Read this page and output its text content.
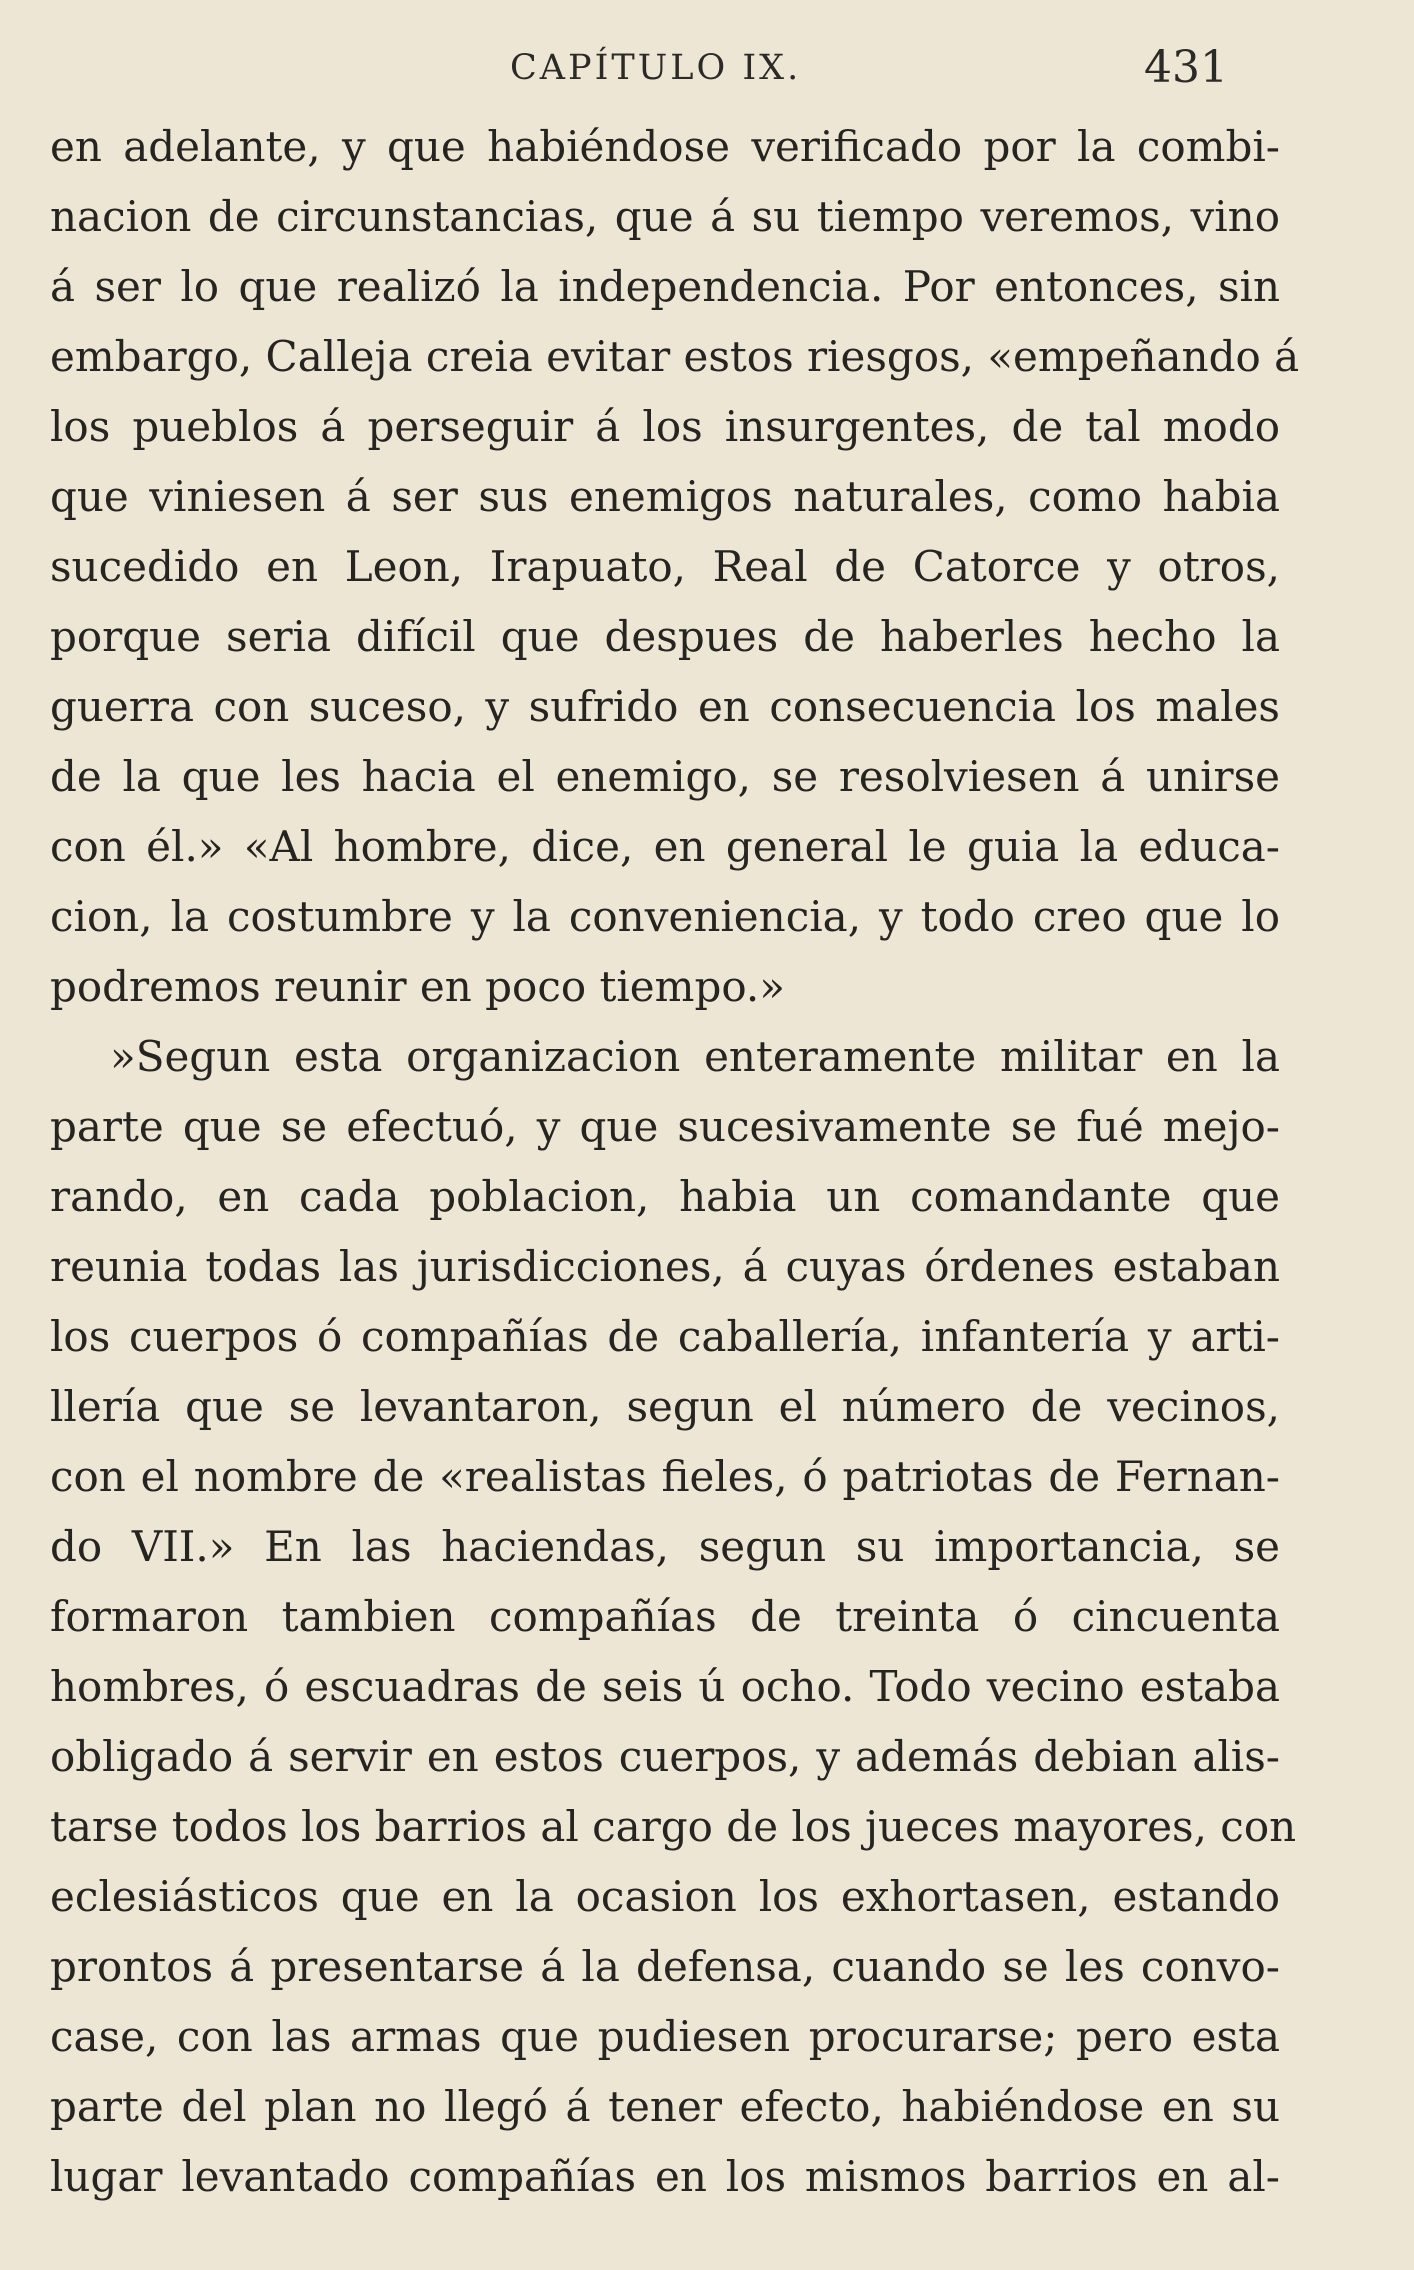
CAPÍTULO IX.	431
en adelante, y que habiéndose verificado por la combi-
nacion de circunstancias, que á su tiempo veremos, vino
á ser lo que realizó la independencia. Por entonces, sin
embargo, Calleja creia evitar estos riesgos, «empeñando á
los pueblos á perseguir á los insurgentes, de tal modo
que viniesen á ser sus enemigos naturales, como habia
sucedido en Leon, Irapuato, Real de Catorce y otros,
porque seria difícil que despues de haberles hecho la
guerra con suceso, y sufrido en consecuencia los males
de la que les hacia el enemigo, se resolviesen á unirse
con él.» «Al hombre, dice, en general le guia la educa-
cion, la costumbre y la conveniencia, y todo creo que lo
podremos reunir en poco tiempo.»
»Segun esta organizacion enteramente militar en la
parte que se efectuó, y que sucesivamente se fué mejo-
rando, en cada poblacion, habia un comandante que
reunia todas las jurisdicciones, á cuyas órdenes estaban
los cuerpos ó compañías de caballería, infantería y arti-
llería que se levantaron, segun el número de vecinos,
con el nombre de «realistas fieles, ó patriotas de Fernan-
do VII.» En las haciendas, segun su importancia, se
formaron tambien compañías de treinta ó cincuenta
hombres, ó escuadras de seis ú ocho. Todo vecino estaba
obligado á servir en estos cuerpos, y además debian alis-
tarse todos los barrios al cargo de los jueces mayores, con
eclesiásticos que en la ocasion los exhortasen, estando
prontos á presentarse á la defensa, cuando se les convo-
case, con las armas que pudiesen procurarse; pero esta
parte del plan no llegó á tener efecto, habiéndose en su
lugar levantado compañías en los mismos barrios en al-
